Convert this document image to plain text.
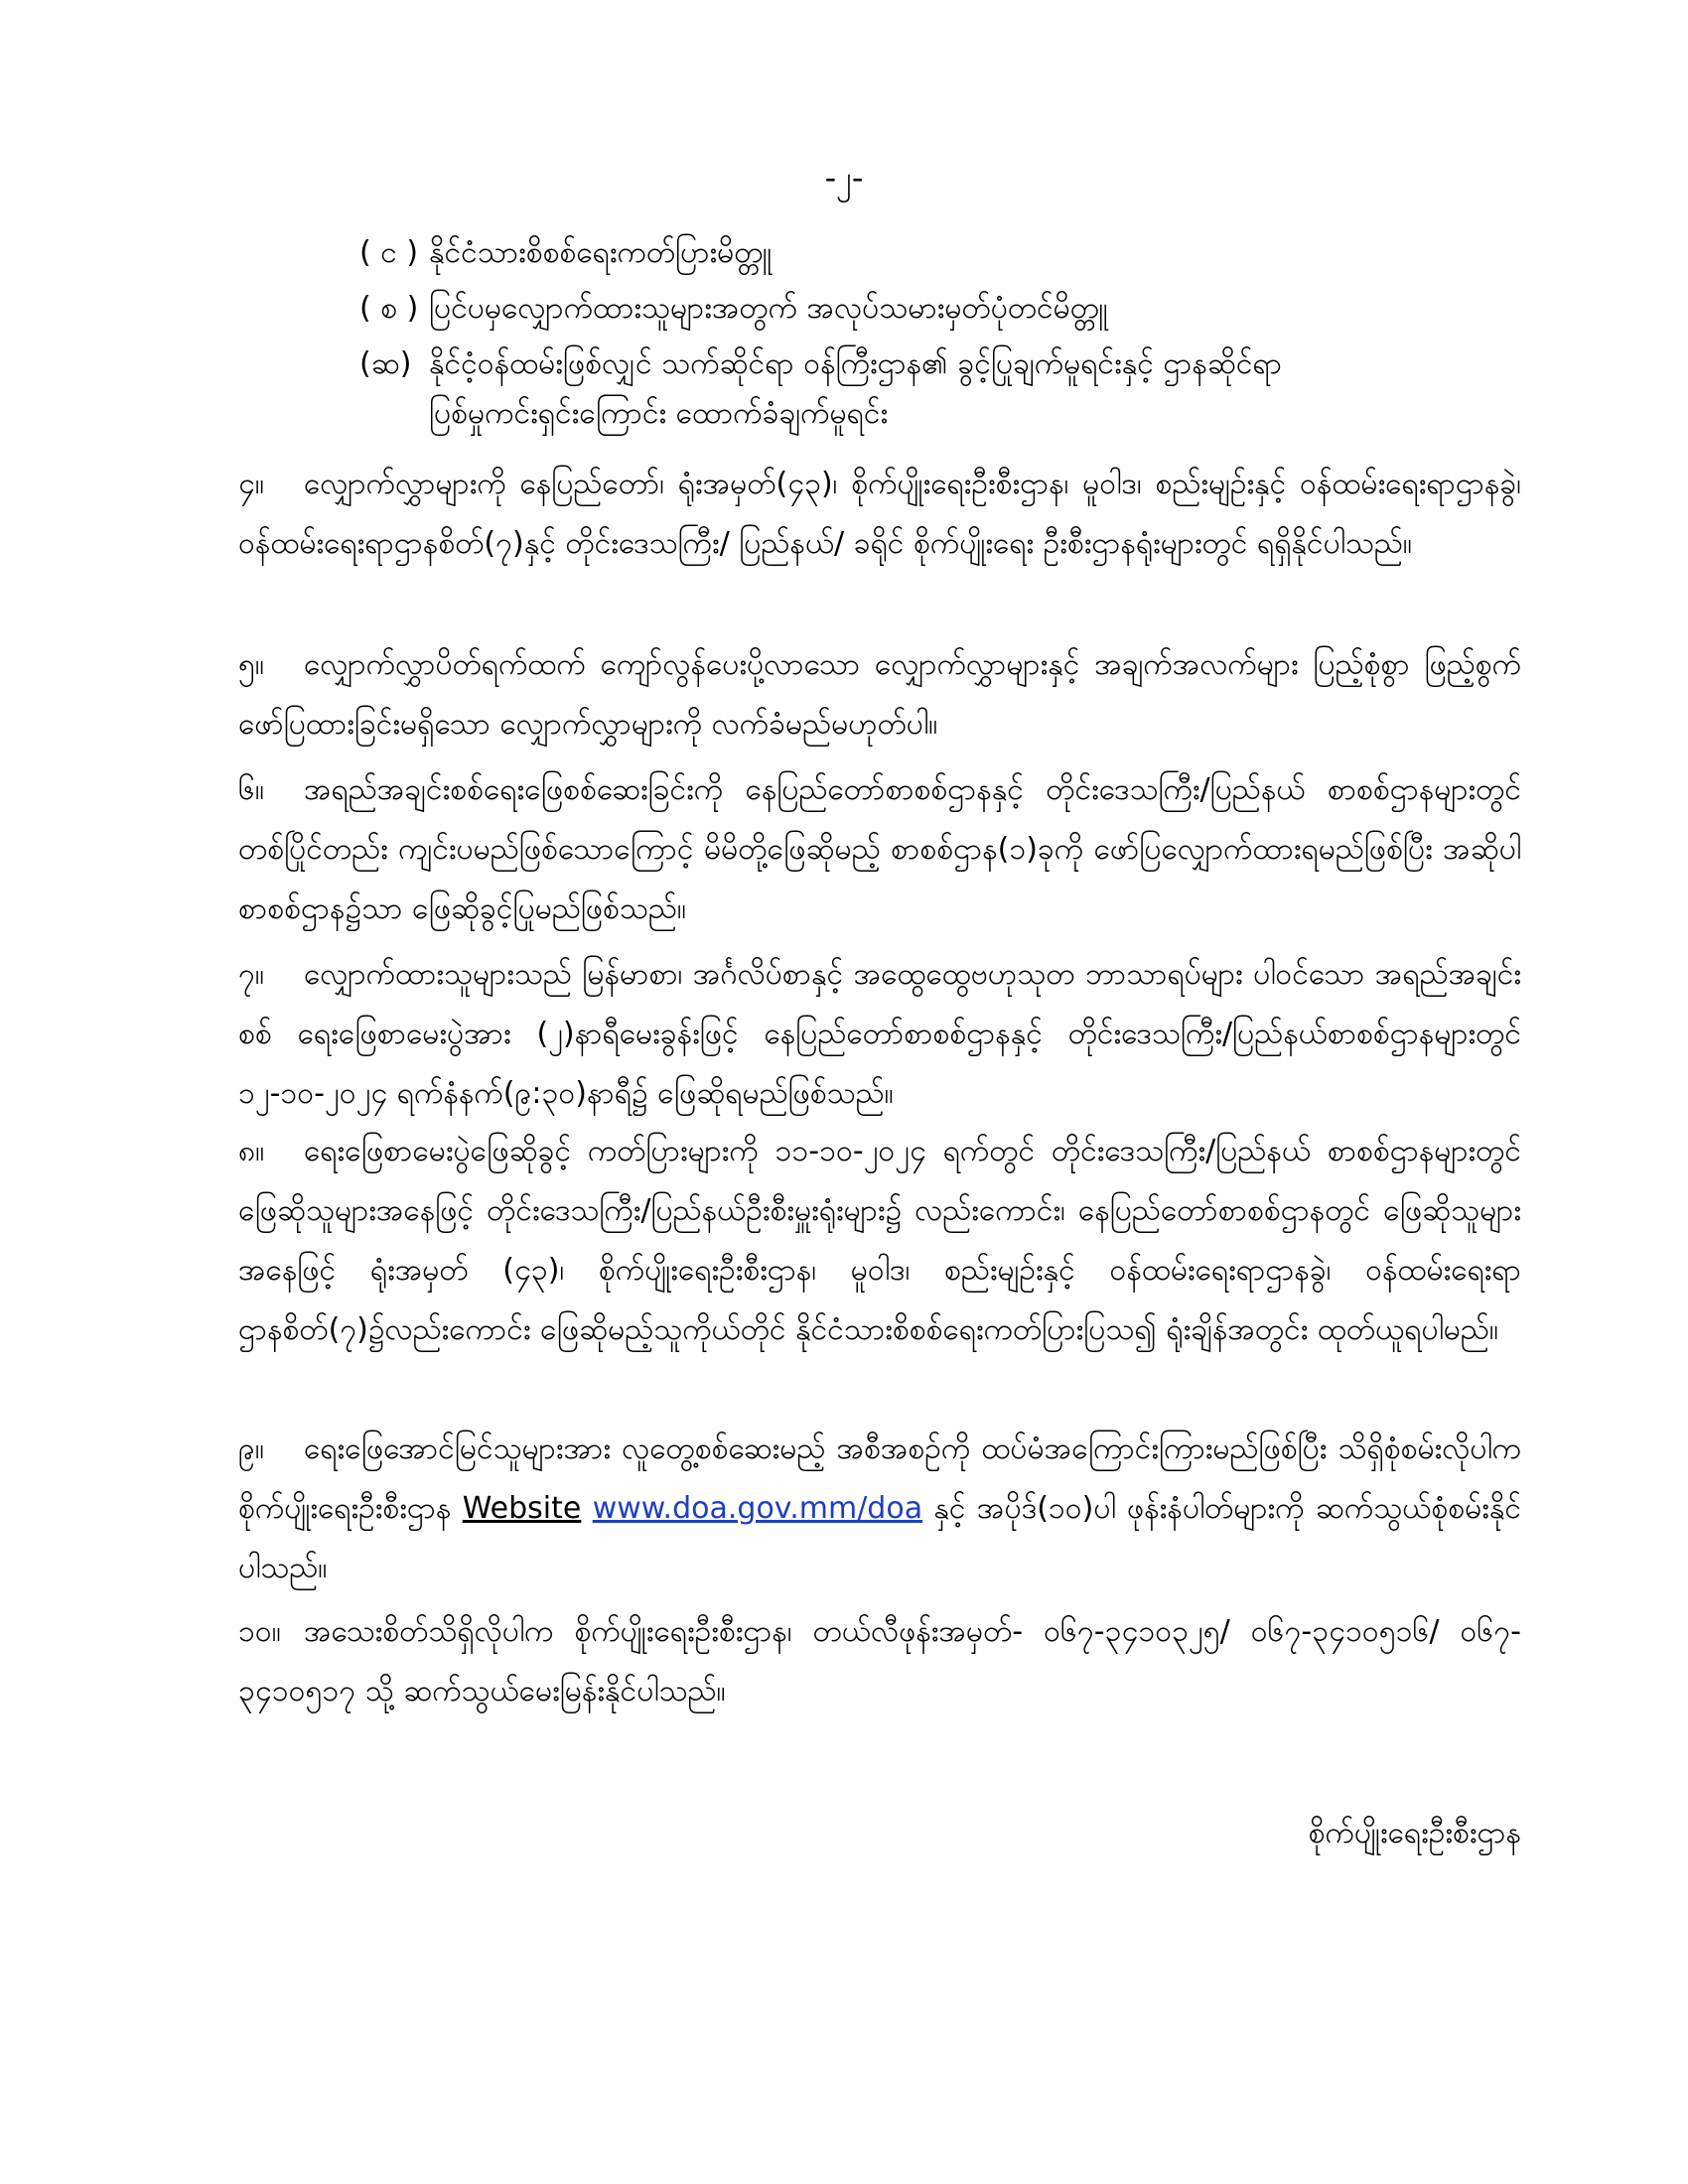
-၂-
( င ) နိုင်ငံသားစိစစ်ရေးကတ်ပြားမိတ္တူ
( စ ) ပြင်ပမှလျှောက်ထားသူများအတွက် အလုပ်သမားမှတ်ပုံတင်မိတ္တူ
(ဆ) နိုင်ငံ့ဝန်ထမ်းဖြစ်လျှင် သက်ဆိုင်ရာ ဝန်ကြီးဌာန၏ ခွင့်ပြုချက်မူရင်းနှင့် ဌာနဆိုင်ရာ
ပြစ်မှုကင်းရှင်းကြောင်း ထောက်ခံချက်မူရင်း
၄။ လျှောက်လွှာများကို နေပြည်တော်၊ ရုံးအမှတ်(၄၃)၊ စိုက်ပျိုးရေးဦးစီးဌာန၊ မူဝါဒ၊ စည်းမျဉ်းနှင့် ဝန်ထမ်းရေးရာဌာနခွဲ၊ ဝန်ထမ်းရေးရာဌာနစိတ်(၇)နှင့် တိုင်းဒေသကြီး/ ပြည်နယ်/ ခရိုင် စိုက်ပျိုးရေး ဦးစီးဌာနရုံးများတွင် ရရှိနိုင်ပါသည်။
၅။ လျှောက်လွှာပိတ်ရက်ထက် ကျော်လွန်ပေးပို့လာသော လျှောက်လွှာများနှင့် အချက်အလက်များ ပြည့်စုံစွာ ဖြည့်စွက်ဖော်ပြထားခြင်းမရှိသော လျှောက်လွှာများကို လက်ခံမည်မဟုတ်ပါ။
၆။ အရည်အချင်းစစ်ရေးဖြေစစ်ဆေးခြင်းကို နေပြည်တော်စာစစ်ဌာနနှင့် တိုင်းဒေသကြီး/ပြည်နယ် စာစစ်ဌာနများတွင် တစ်ပြိုင်တည်း ကျင်းပမည်ဖြစ်သောကြောင့် မိမိတို့ဖြေဆိုမည့် စာစစ်ဌာန(၁)ခုကို ဖော်ပြလျှောက်ထားရမည်ဖြစ်ပြီး အဆိုပါစာစစ်ဌာန၌သာ ဖြေဆိုခွင့်ပြုမည်ဖြစ်သည်။
၇။ လျှောက်ထားသူများသည် မြန်မာစာ၊ အင်္ဂလိပ်စာနှင့် အထွေထွေဗဟုသုတ ဘာသာရပ်များ ပါဝင်သော အရည်အချင်းစစ် ရေးဖြေစာမေးပွဲအား (၂)နာရီမေးခွန်းဖြင့် နေပြည်တော်စာစစ်ဌာနနှင့် တိုင်းဒေသကြီး/ပြည်နယ်စာစစ်ဌာနများတွင် ၁၂-၁၀-၂၀၂၄ ရက်နံနက်(၉:၃၀)နာရီ၌ ဖြေဆိုရမည်ဖြစ်သည်။
၈။ ရေးဖြေစာမေးပွဲဖြေဆိုခွင့် ကတ်ပြားများကို ၁၁-၁၀-၂၀၂၄ ရက်တွင် တိုင်းဒေသကြီး/ပြည်နယ် စာစစ်ဌာနများတွင်ဖြေဆိုသူများအနေဖြင့် တိုင်းဒေသကြီး/ပြည်နယ်ဦးစီးမှူးရုံးများ၌ လည်းကောင်း၊ နေပြည်တော်စာစစ်ဌာနတွင် ဖြေဆိုသူများအနေဖြင့် ရုံးအမှတ် (၄၃)၊ စိုက်ပျိုးရေးဦးစီးဌာန၊ မူဝါဒ၊ စည်းမျဉ်းနှင့် ဝန်ထမ်းရေးရာဌာနခွဲ၊ ဝန်ထမ်းရေးရာဌာနစိတ်(၇)၌လည်းကောင်း ဖြေဆိုမည့်သူကိုယ်တိုင် နိုင်ငံသားစိစစ်ရေးကတ်ပြားပြသ၍ ရုံးချိန်အတွင်း ထုတ်ယူရပါမည်။
၉။ ရေးဖြေအောင်မြင်သူများအား လူတွေ့စစ်ဆေးမည့် အစီအစဉ်ကို ထပ်မံအကြောင်းကြားမည်ဖြစ်ပြီး သိရှိစုံစမ်းလိုပါက စိုက်ပျိုးရေးဦးစီးဌာန Website www.doa.gov.mm/doa နှင့် အပိုဒ်(၁၀)ပါ ဖုန်းနံပါတ်များကို ဆက်သွယ်စုံစမ်းနိုင်ပါသည်။
၁၀။ အသေးစိတ်သိရှိလိုပါက စိုက်ပျိုးရေးဦးစီးဌာန၊ တယ်လီဖုန်းအမှတ်- ၀၆၇-၃၄၁၀၃၂၅/ ၀၆၇-၃၄၁၀၅၁၆/ ၀၆၇- ၃၄၁၀၅၁၇ သို့ ဆက်သွယ်မေးမြန်းနိုင်ပါသည်။
စိုက်ပျိုးရေးဦးစီးဌာန
